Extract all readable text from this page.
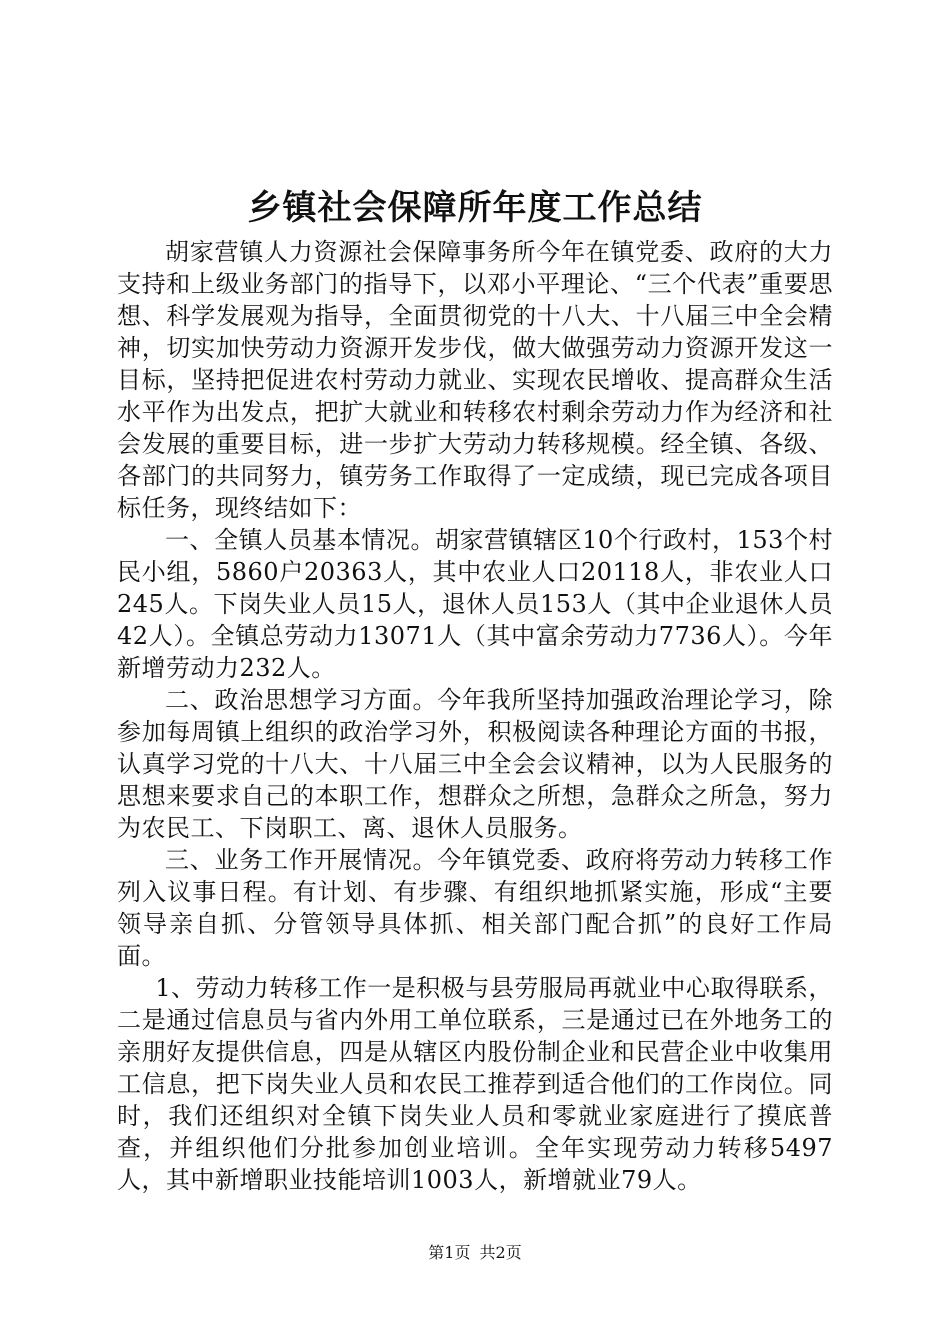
乡镇社会保障所年度工作总结

胡家营镇人力资源社会保障事务所今年在镇党委、政府的大力支持和上级业务部门的指导下，以邓小平理论、“三个代表”重要思想、科学发展观为指导，全面贯彻党的十八大、十八届三中全会精神，切实加快劳动力资源开发步伐，做大做强劳动力资源开发这一目标，坚持把促进农村劳动力就业、实现农民增收、提高群众生活水平作为出发点，把扩大就业和转移农村剩余劳动力作为经济和社会发展的重要目标，进一步扩大劳动力转移规模。经全镇、各级、各部门的共同努力，镇劳务工作取得了一定成绩，现已完成各项目标任务，现终结如下：

一、全镇人员基本情况。胡家营镇辖区10个行政村，153个村民小组，5860户20363人，其中农业人口20118人，非农业人口245人。下岗失业人员15人，退休人员153人（其中企业退休人员42人）。全镇总劳动力13071人（其中富余劳动力7736人）。今年新增劳动力232人。

二、政治思想学习方面。今年我所坚持加强政治理论学习，除参加每周镇上组织的政治学习外，积极阅读各种理论方面的书报，认真学习党的十八大、十八届三中全会会议精神，以为人民服务的思想来要求自己的本职工作，想群众之所想，急群众之所急，努力为农民工、下岗职工、离、退休人员服务。

三、业务工作开展情况。今年镇党委、政府将劳动力转移工作列入议事日程。有计划、有步骤、有组织地抓紧实施，形成“主要领导亲自抓、分管领导具体抓、相关部门配合抓”的良好工作局面。

1、劳动力转移工作一是积极与县劳服局再就业中心取得联系，二是通过信息员与省内外用工单位联系，三是通过已在外地务工的亲朋好友提供信息，四是从辖区内股份制企业和民营企业中收集用工信息，把下岗失业人员和农民工推荐到适合他们的工作岗位。同时，我们还组织对全镇下岗失业人员和零就业家庭进行了摸底普查，并组织他们分批参加创业培训。全年实现劳动力转移5497人，其中新增职业技能培训1003人，新增就业79人。

第1页 共2页
